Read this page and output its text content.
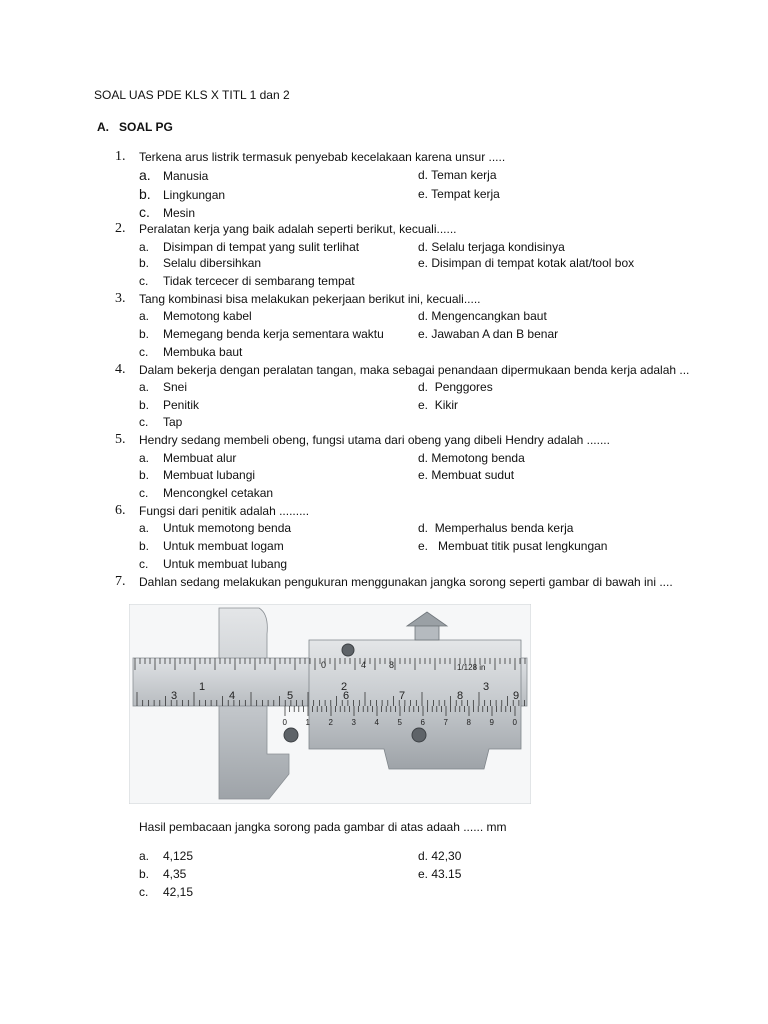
SOAL UAS PDE KLS X TITL 1 dan 2
A. SOAL PG
1. Terkena arus listrik termasuk penyebab kecelakaan karena unsur .....
a. Manusia
b. Lingkungan
c. Mesin
d. Teman kerja
e. Tempat kerja
2. Peralatan kerja yang baik adalah seperti berikut, kecuali......
a. Disimpan di tempat yang sulit terlihat
b. Selalu dibersihkan
c. Tidak tercecer di sembarang tempat
d. Selalu terjaga kondisinya
e. Disimpan di tempat kotak alat/tool box
3. Tang kombinasi bisa melakukan pekerjaan berikut ini, kecuali.....
a. Memotong kabel
b. Memegang benda kerja sementara waktu
c. Membuka baut
d. Mengencangkan baut
e. Jawaban A dan B benar
4. Dalam bekerja dengan peralatan tangan, maka sebagai penandaan dipermukaan benda kerja adalah ...
a. Snei
b. Penitik
c. Tap
d. Penggores
e. Kikir
5. Hendry sedang membeli obeng, fungsi utama dari obeng yang dibeli Hendry adalah .......
a. Membuat alur
b. Membuat lubangi
c. Mencongkel cetakan
d. Memotong benda
e. Membuat sudut
6. Fungsi dari penitik adalah .........
a. Untuk memotong benda
b. Untuk membuat logam
c. Untuk membuat lubang
d. Memperhalus benda kerja
e. Membuat titik pusat lengkungan
7. Dahlan sedang melakukan pengukuran menggunakan jangka sorong seperti gambar di bawah ini ....
0	4	8	1/128 in
3
1
4	5
2
6	7	8
3
9
0 1 2 3 4 5 6 7 8 9 0
Hasil pembacaan jangka sorong pada gambar di atas adaah ...... mm
a. 4,125
b. 4,35
c. 42,15
d. 42,30
e. 43.15
